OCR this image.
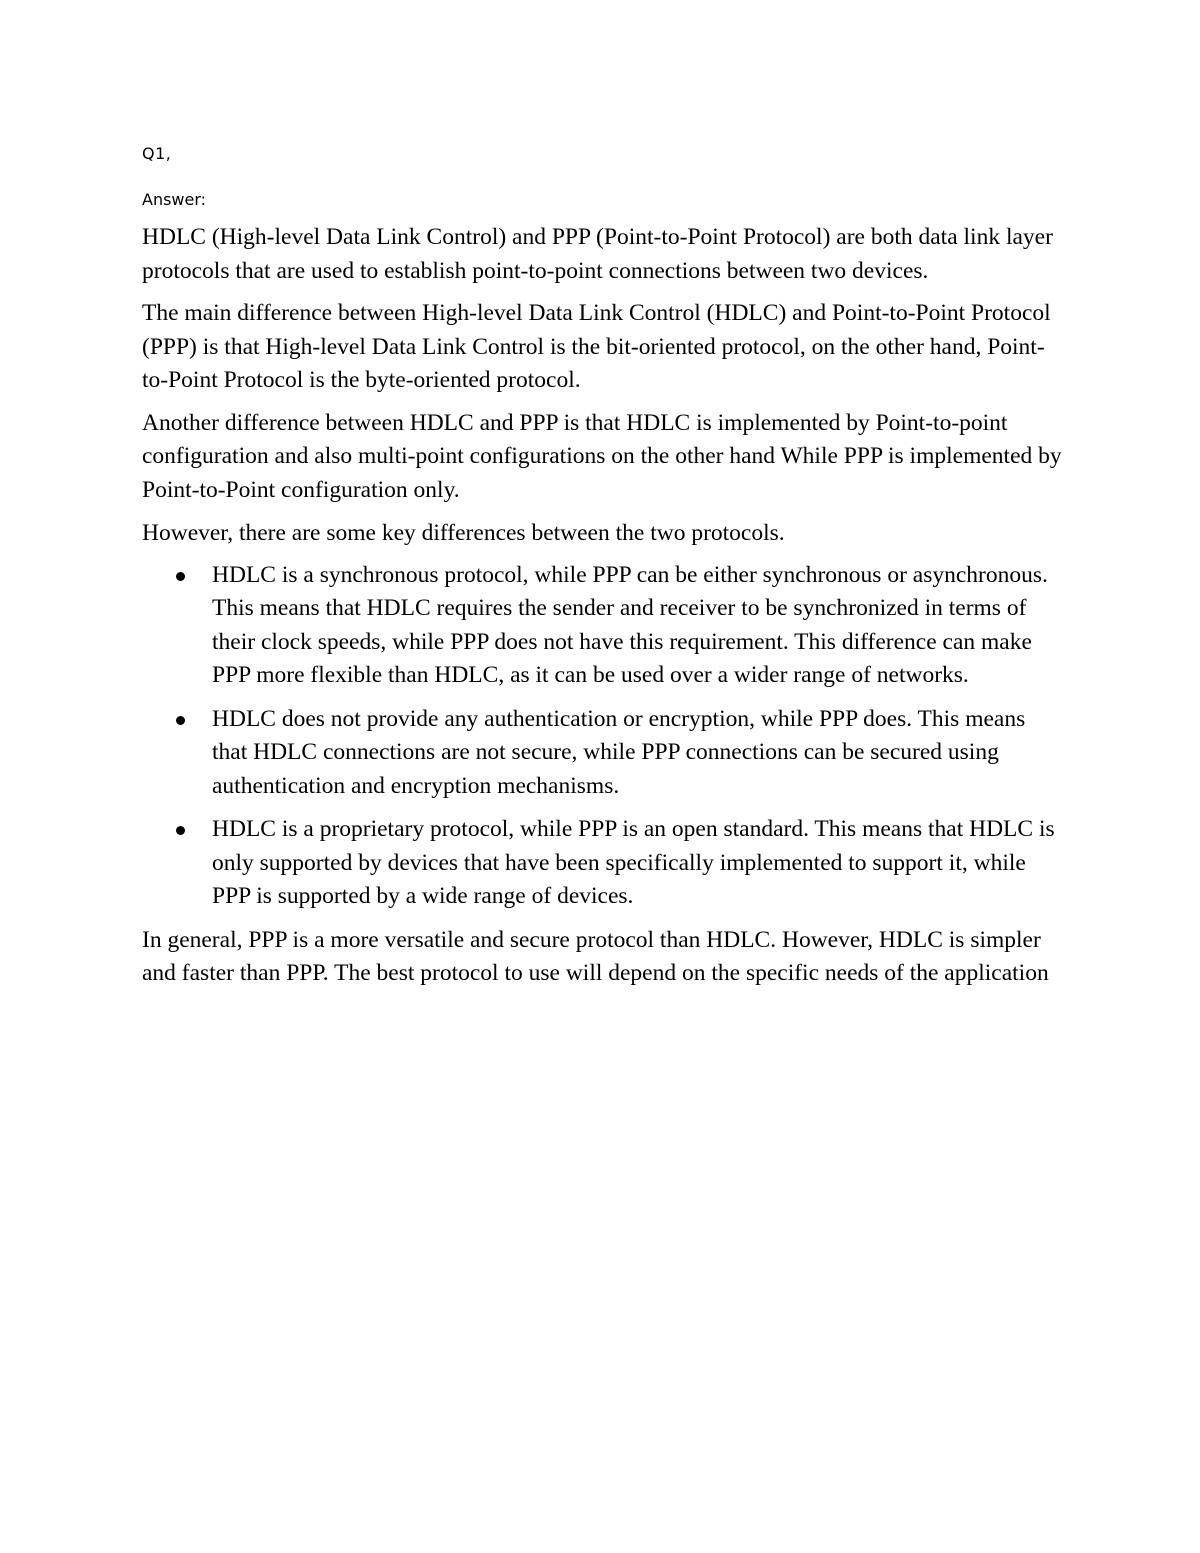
Q1,

Answer:

HDLC (High-level Data Link Control) and PPP (Point-to-Point Protocol) are both data link layer protocols that are used to establish point-to-point connections between two devices.

The main difference between High-level Data Link Control (HDLC) and Point-to-Point Protocol (PPP) is that High-level Data Link Control is the bit-oriented protocol, on the other hand, Point-to-Point Protocol is the byte-oriented protocol.

Another difference between HDLC and PPP is that HDLC is implemented by Point-to-point configuration and also multi-point configurations on the other hand While PPP is implemented by Point-to-Point configuration only.

However, there are some key differences between the two protocols.

HDLC is a synchronous protocol, while PPP can be either synchronous or asynchronous. This means that HDLC requires the sender and receiver to be synchronized in terms of their clock speeds, while PPP does not have this requirement. This difference can make PPP more flexible than HDLC, as it can be used over a wider range of networks.
HDLC does not provide any authentication or encryption, while PPP does. This means that HDLC connections are not secure, while PPP connections can be secured using authentication and encryption mechanisms.
HDLC is a proprietary protocol, while PPP is an open standard. This means that HDLC is only supported by devices that have been specifically implemented to support it, while PPP is supported by a wide range of devices.

In general, PPP is a more versatile and secure protocol than HDLC. However, HDLC is simpler and faster than PPP. The best protocol to use will depend on the specific needs of the application
